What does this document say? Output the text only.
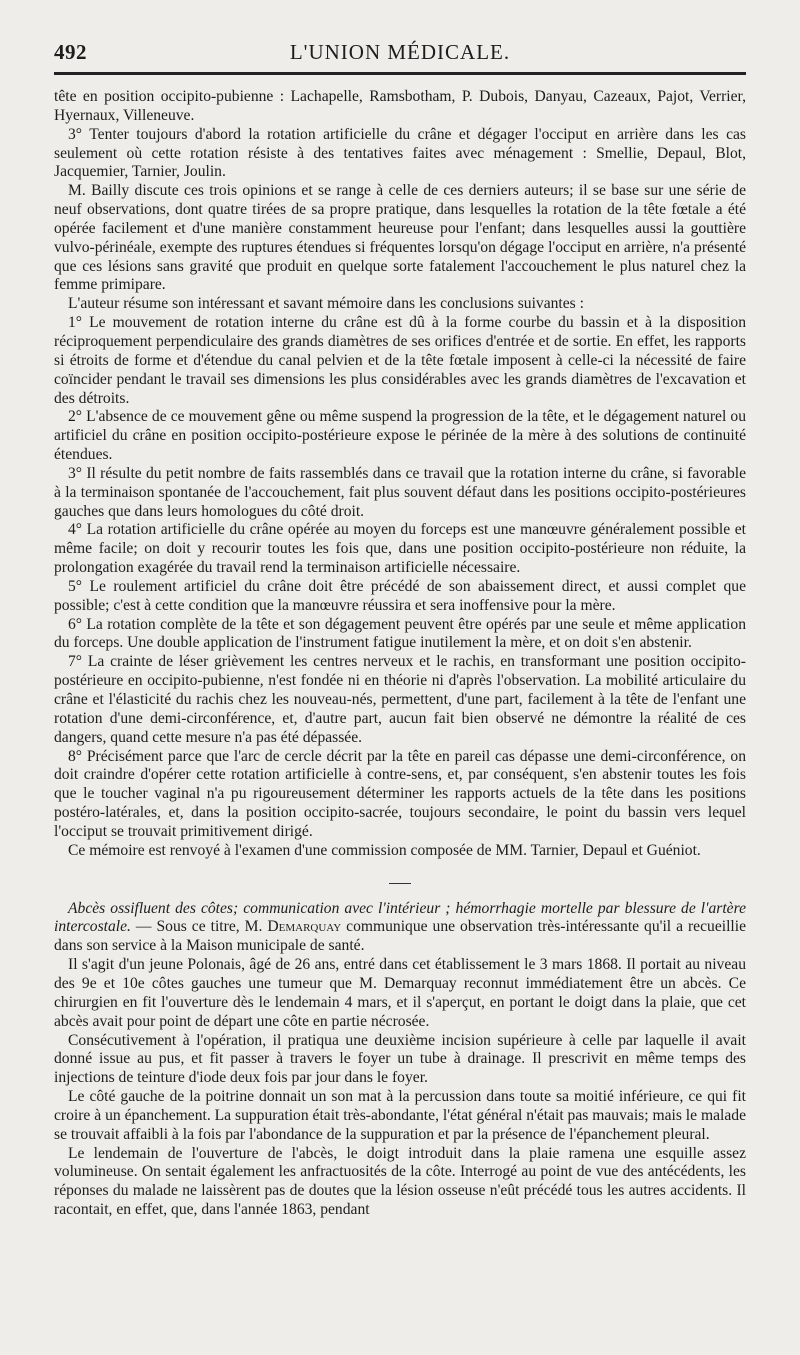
492	L'UNION MÉDICALE.

tête en position occipito-pubienne : Lachapelle, Ramsbotham, P. Dubois, Danyau, Cazeaux, Pajot, Verrier, Hyernaux, Villeneuve.

3° Tenter toujours d'abord la rotation artificielle du crâne et dégager l'occiput en arrière dans les cas seulement où cette rotation résiste à des tentatives faites avec ménagement : Smellie, Depaul, Blot, Jacquemier, Tarnier, Joulin.

M. Bailly discute ces trois opinions et se range à celle de ces derniers auteurs; il se base sur une série de neuf observations, dont quatre tirées de sa propre pratique, dans lesquelles la rotation de la tête fœtale a été opérée facilement et d'une manière constamment heureuse pour l'enfant; dans lesquelles aussi la gouttière vulvo-périnéale, exempte des ruptures étendues si fréquentes lorsqu'on dégage l'occiput en arrière, n'a présenté que ces lésions sans gravité que produit en quelque sorte fatalement l'accouchement le plus naturel chez la femme primipare.

L'auteur résume son intéressant et savant mémoire dans les conclusions suivantes :

1° Le mouvement de rotation interne du crâne est dû à la forme courbe du bassin et à la disposition réciproquement perpendiculaire des grands diamètres de ses orifices d'entrée et de sortie. En effet, les rapports si étroits de forme et d'étendue du canal pelvien et de la tête fœtale imposent à celle-ci la nécessité de faire coïncider pendant le travail ses dimensions les plus considérables avec les grands diamètres de l'excavation et des détroits.

2° L'absence de ce mouvement gêne ou même suspend la progression de la tête, et le dégagement naturel ou artificiel du crâne en position occipito-postérieure expose le périnée de la mère à des solutions de continuité étendues.

3° Il résulte du petit nombre de faits rassemblés dans ce travail que la rotation interne du crâne, si favorable à la terminaison spontanée de l'accouchement, fait plus souvent défaut dans les positions occipito-postérieures gauches que dans leurs homologues du côté droit.

4° La rotation artificielle du crâne opérée au moyen du forceps est une manœuvre généralement possible et même facile; on doit y recourir toutes les fois que, dans une position occipito-postérieure non réduite, la prolongation exagérée du travail rend la terminaison artificielle nécessaire.

5° Le roulement artificiel du crâne doit être précédé de son abaissement direct, et aussi complet que possible; c'est à cette condition que la manœuvre réussira et sera inoffensive pour la mère.

6° La rotation complète de la tête et son dégagement peuvent être opérés par une seule et même application du forceps. Une double application de l'instrument fatigue inutilement la mère, et on doit s'en abstenir.

7° La crainte de léser grièvement les centres nerveux et le rachis, en transformant une position occipito-postérieure en occipito-pubienne, n'est fondée ni en théorie ni d'après l'observation. La mobilité articulaire du crâne et l'élasticité du rachis chez les nouveau-nés, permettent, d'une part, facilement à la tête de l'enfant une rotation d'une demi-circonférence, et, d'autre part, aucun fait bien observé ne démontre la réalité de ces dangers, quand cette mesure n'a pas été dépassée.

8° Précisément parce que l'arc de cercle décrit par la tête en pareil cas dépasse une demi-circonférence, on doit craindre d'opérer cette rotation artificielle à contre-sens, et, par conséquent, s'en abstenir toutes les fois que le toucher vaginal n'a pu rigoureusement déterminer les rapports actuels de la tête dans les positions postéro-latérales, et, dans la position occipito-sacrée, toujours secondaire, le point du bassin vers lequel l'occiput se trouvait primitivement dirigé.

Ce mémoire est renvoyé à l'examen d'une commission composée de MM. Tarnier, Depaul et Guéniot.

Abcès ossifluent des côtes; communication avec l'intérieur ; hémorrhagie mortelle par blessure de l'artère intercostale. — Sous ce titre, M. Demarquay communique une observation très-intéressante qu'il a recueillie dans son service à la Maison municipale de santé.

Il s'agit d'un jeune Polonais, âgé de 26 ans, entré dans cet établissement le 3 mars 1868. Il portait au niveau des 9e et 10e côtes gauches une tumeur que M. Demarquay reconnut immédiatement être un abcès. Ce chirurgien en fit l'ouverture dès le lendemain 4 mars, et il s'aperçut, en portant le doigt dans la plaie, que cet abcès avait pour point de départ une côte en partie nécrosée.

Consécutivement à l'opération, il pratiqua une deuxième incision supérieure à celle par laquelle il avait donné issue au pus, et fit passer à travers le foyer un tube à drainage. Il prescrivit en même temps des injections de teinture d'iode deux fois par jour dans le foyer.

Le côté gauche de la poitrine donnait un son mat à la percussion dans toute sa moitié inférieure, ce qui fit croire à un épanchement. La suppuration était très-abondante, l'état général n'était pas mauvais; mais le malade se trouvait affaibli à la fois par l'abondance de la suppuration et par la présence de l'épanchement pleural.

Le lendemain de l'ouverture de l'abcès, le doigt introduit dans la plaie ramena une esquille assez volumineuse. On sentait également les anfractuosités de la côte. Interrogé au point de vue des antécédents, les réponses du malade ne laissèrent pas de doutes que la lésion osseuse n'eût précédé tous les autres accidents. Il racontait, en effet, que, dans l'année 1863, pendant
